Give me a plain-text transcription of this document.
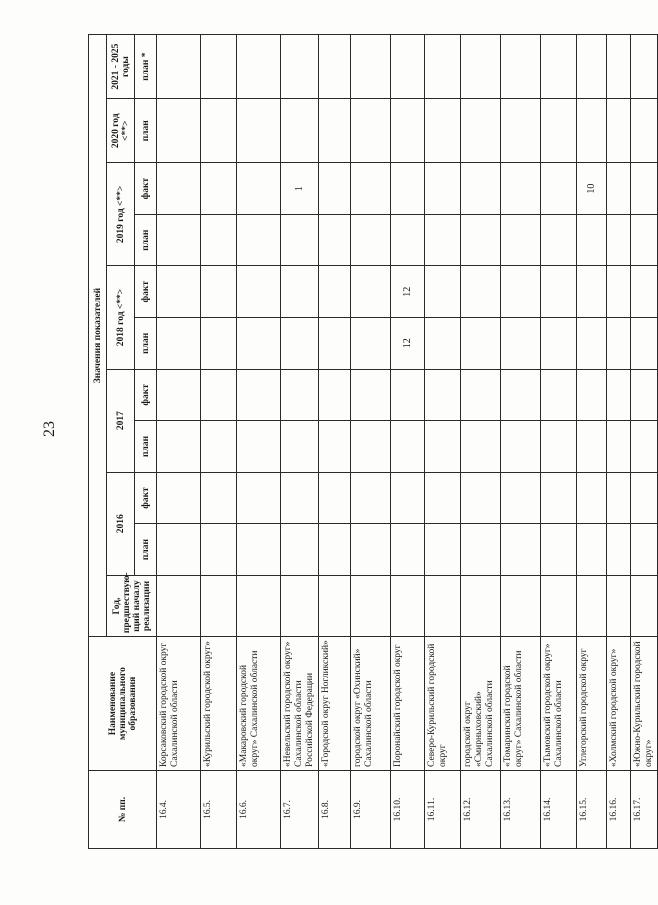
23
№ пп.	Наименование муниципального образования	Значения показателей										
		Год, предшествую-щий началу реализации	2016		2017		2018 год <**>		2019 год <**>		2020 год <**>	2021 - 2025 годы
			план	факт	план	факт	план	факт	план	факт	план	план *
16.4.	Корсаковский городской округ Сахалинской области											
16.5.	«Курильский городской округ»											
16.6.	«Макаровский городской округ» Сахалинской области											
16.7.	«Невельский городской округ» Сахалинской области Российской Федерации									1		
16.8.	«Городской округ Ногликский»											
16.9.	городской округ «Охинский» Сахалинской области											
16.10.	Поронайский городской округ						12	12				
16.11.	Северо-Курильский городской округ											
16.12.	городской округ «Смирныховский» Сахалинской области											
16.13.	«Томаринский городской округ» Сахалинской области											
16.14.	«Тымовский городской округ» Сахалинской области											
16.15.	Углегорский городской округ									10		
16.16.	«Холмский городской округ»											
16.17.	«Южно-Курильский городской округ»											
